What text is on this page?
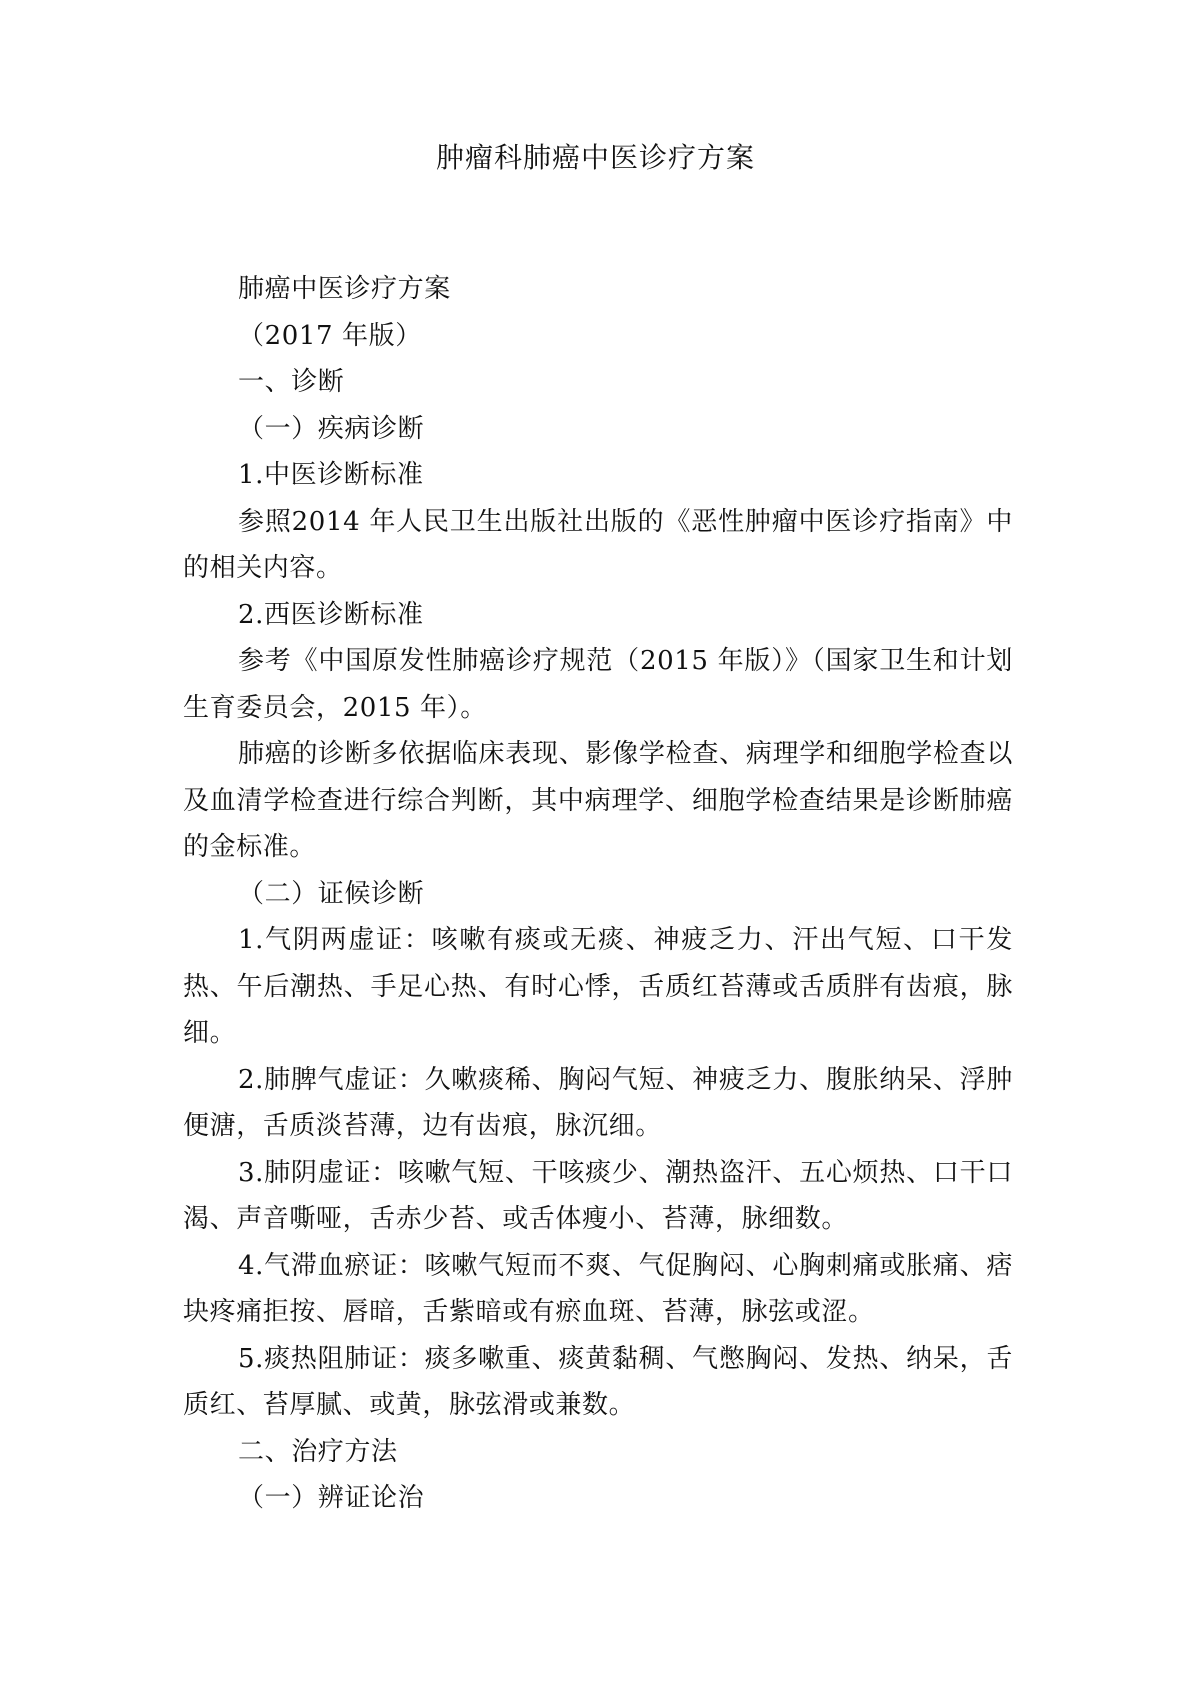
肿瘤科肺癌中医诊疗方案

肺癌中医诊疗方案

（2017 年版）

一、诊断

（一）疾病诊断

1.中医诊断标准

参照2014 年人民卫生出版社出版的《恶性肿瘤中医诊疗指南》中的相关内容。

2.西医诊断标准

参考《中国原发性肺癌诊疗规范（2015 年版）》（国家卫生和计划生育委员会，2015 年）。

肺癌的诊断多依据临床表现、影像学检查、病理学和细胞学检查以及血清学检查进行综合判断，其中病理学、细胞学检查结果是诊断肺癌的金标准。

（二）证候诊断

1.气阴两虚证：咳嗽有痰或无痰、神疲乏力、汗出气短、口干发热、午后潮热、手足心热、有时心悸，舌质红苔薄或舌质胖有齿痕，脉细。

2.肺脾气虚证：久嗽痰稀、胸闷气短、神疲乏力、腹胀纳呆、浮肿便溏，舌质淡苔薄，边有齿痕，脉沉细。

3.肺阴虚证：咳嗽气短、干咳痰少、潮热盗汗、五心烦热、口干口渴、声音嘶哑，舌赤少苔、或舌体瘦小、苔薄，脉细数。

4.气滞血瘀证：咳嗽气短而不爽、气促胸闷、心胸刺痛或胀痛、痞块疼痛拒按、唇暗，舌紫暗或有瘀血斑、苔薄，脉弦或涩。

5.痰热阻肺证：痰多嗽重、痰黄黏稠、气憋胸闷、发热、纳呆，舌质红、苔厚腻、或黄，脉弦滑或兼数。

二、治疗方法

（一）辨证论治
